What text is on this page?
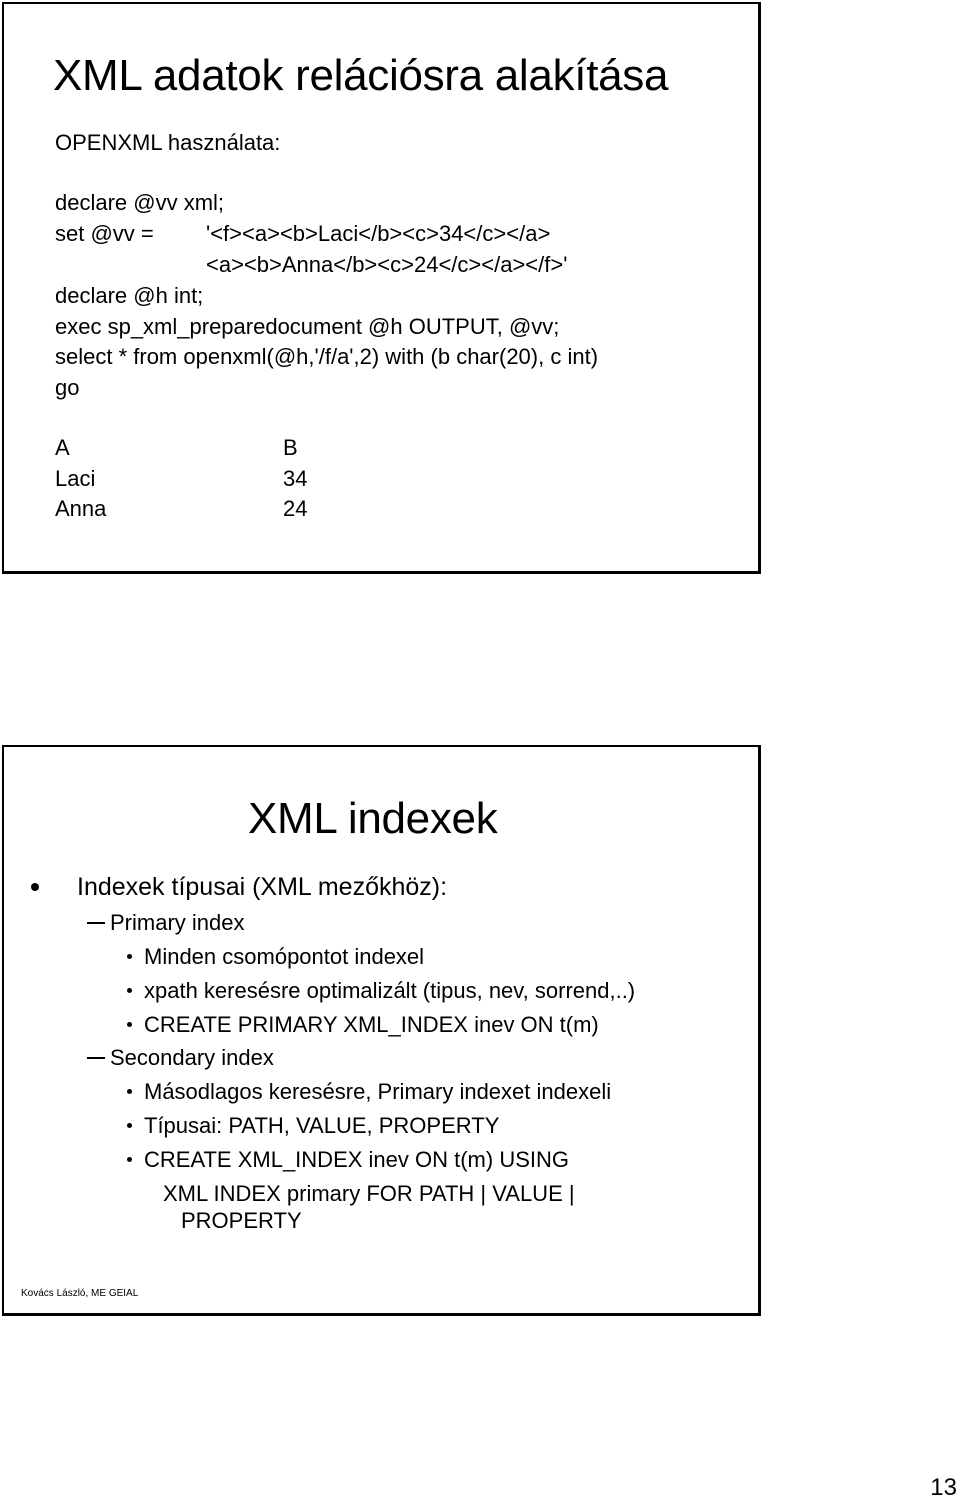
XML adatok relációsra alakítása
OPENXML használata:
declare @vv xml;
set @vv = '<f><a><b>Laci</b><c>34</c></a>
<a><b>Anna</b><c>24</c></a></f>'
declare @h int;
exec sp_xml_preparedocument @h OUTPUT, @vv;
select * from openxml(@h,'/f/a',2) with (b char(20), c int)
go
A	B
Laci	34
Anna	24
XML indexek
Indexek típusai (XML mezőkhöz):
Primary index
Minden csomópontot indexel
xpath keresésre optimalizált (tipus, nev, sorrend,..)
CREATE PRIMARY XML_INDEX inev ON t(m)
Secondary index
Másodlagos keresésre, Primary indexet indexeli
Típusai: PATH, VALUE, PROPERTY
CREATE XML_INDEX inev ON t(m) USING
XML INDEX primary FOR PATH | VALUE |
PROPERTY
Kovács László, ME GEIAL
13
